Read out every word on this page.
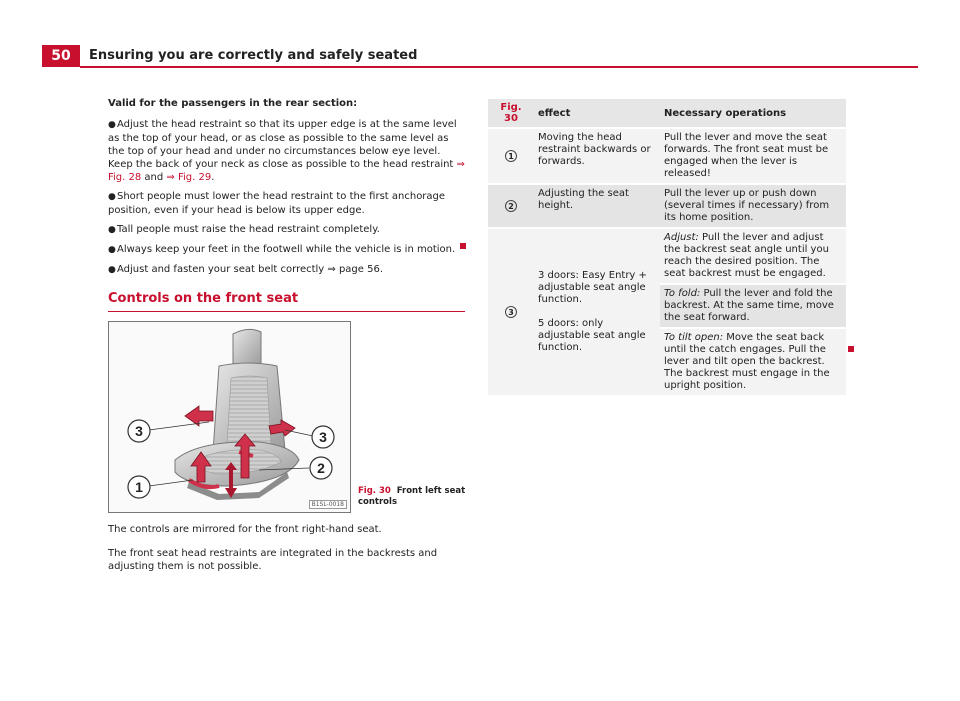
50	Ensuring you are correctly and safely seated
Valid for the passengers in the rear section:
●Adjust the head restraint so that its upper edge is at the same level as the top of your head, or as close as possible to the same level as the top of your head and under no circumstances below eye level. Keep the back of your neck as close as possible to the head restraint ⇒ Fig. 28 and ⇒ Fig. 29.
●Short people must lower the head restraint to the first anchorage position, even if your head is below its upper edge.
●Tall people must raise the head restraint completely.
●Always keep your feet in the footwell while the vehicle is in motion.
●Adjust and fasten your seat belt correctly ⇒ page 56.
Controls on the front seat
3	3
2
1
B1SL-0018
Fig. 30 Front left seat controls
The controls are mirrored for the front right-hand seat.
The front seat head restraints are integrated in the backrests and adjusting them is not possible.
Fig. 30	effect	Necessary operations
1	Moving the head restraint backwards or forwards.	Pull the lever and move the seat forwards. The front seat must be engaged when the lever is released!
2	Adjusting the seat height.	Pull the lever up or push down (several times if necessary) from its home position.
3	3 doors: Easy Entry + adjustable seat angle function.
5 doors: only adjustable seat angle function.	Adjust: Pull the lever and adjust the backrest seat angle until you reach the desired position. The seat backrest must be engaged.
		To fold: Pull the lever and fold the backrest. At the same time, move the seat forward.
		To tilt open: Move the seat back until the catch engages. Pull the lever and tilt open the backrest. The backrest must engage in the upright position.
